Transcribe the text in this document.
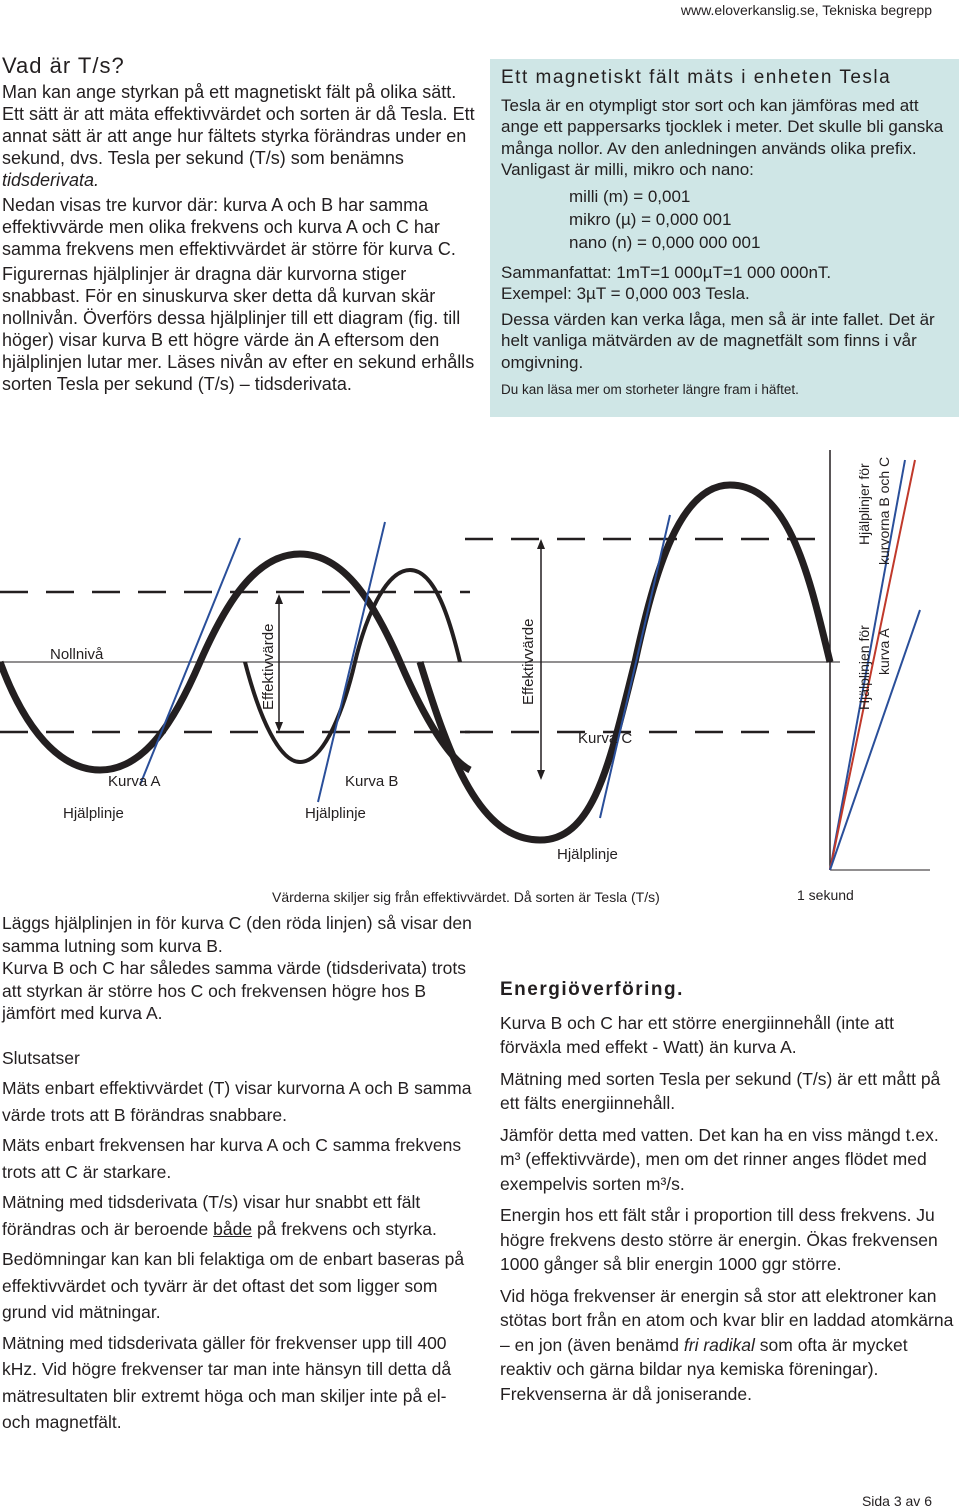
www.eloverkanslig.se, Tekniska begrepp
Vad är T/s?

Man kan ange styrkan på ett magnetiskt fält på olika sätt. Ett sätt är att mäta effektivvärdet och sorten är då Tesla. Ett annat sätt är att ange hur fältets styrka förändras under en sekund, dvs. Tesla per sekund (T/s) som benämns tidsderivata.

Nedan visas tre kurvor där: kurva A och B har samma effektivvärde men olika frekvens och kurva A och C har samma frekvens men effektivvärdet är större för kurva C.

Figurernas hjälplinjer är dragna där kurvorna stiger snabbast. För en sinuskurva sker detta då kurvan skär nollnivån. Överförs dessa hjälplinjer till ett diagram (fig. till höger) visar kurva B ett högre värde än A eftersom den hjälplinjen lutar mer. Läses nivån av efter en sekund erhålls sorten Tesla per sekund (T/s) – tidsderivata.

Ett magnetiskt fält mäts i enheten Tesla

Tesla är en otympligt stor sort och kan jämföras med att ange ett pappersarks tjocklek i meter. Det skulle bli ganska många nollor. Av den anledningen används olika prefix. Vanligast är milli, mikro och nano:

milli (m) = 0,001
mikro (µ) = 0,000 001
nano (n) = 0,000 000 001

Sammanfattat: 1mT=1 000µT=1 000 000nT.

Exempel: 3µT = 0,000 003 Tesla.

Dessa värden kan verka låga, men så är inte fallet. Det är helt vanliga mätvärden av de magnetfält som finns i vår omgivning.

Du kan läsa mer om storheter längre fram i häftet.
Nollnivå	Effektivvärde	Effektivvärde
Kurva A	Kurva B
Kurva C
Hjälplinje	Hjälplinje
Hjälplinje
Hjälplinjer för kurvorna B och C
Hjälplinjen för kurva A
Värderna skiljer sig från effektivvärdet. Då sorten är Tesla (T/s)	1 sekund

Läggs hjälplinjen in för kurva C (den röda linjen) så visar den samma lutning som kurva B.

Kurva B och C har således samma värde (tidsderivata) trots att styrkan är större hos C och frekvensen högre hos B jämfört med kurva A.

Slutsatser

Mäts enbart effektivvärdet (T) visar kurvorna A och B samma värde trots att B förändras snabbare.

Mäts enbart frekvensen har kurva A och C samma frekvens trots att C är starkare.

Mätning med tidsderivata (T/s) visar hur snabbt ett fält förändras och är beroende både på frekvens och styrka.

Bedömningar kan kan bli felaktiga om de enbart baseras på effektivvärdet och tyvärr är det oftast det som ligger som grund vid mätningar.

Mätning med tidsderivata gäller för frekvenser upp till 400 kHz. Vid högre frekvenser tar man inte hänsyn till detta då mätresultaten blir extremt höga och man skiljer inte på el- och magnetfält.

Energiöverföring.

Kurva B och C har ett större energiinnehåll (inte att förväxla med effekt - Watt) än kurva A.

Mätning med sorten Tesla per sekund (T/s) är ett mått på ett fälts energiinnehåll.

Jämför detta med vatten. Det kan ha en viss mängd t.ex. m³ (effektivvärde), men om det rinner anges flödet med exempelvis sorten m³/s.

Energin hos ett fält står i proportion till dess frekvens. Ju högre frekvens desto större är energin. Ökas frekvensen 1000 gånger så blir energin 1000 ggr större.

Vid höga frekvenser är energin så stor att elektroner kan stötas bort från en atom och kvar blir en laddad atomkärna – en jon (även benämd fri radikal som ofta är mycket reaktiv och gärna bildar nya kemiska föreningar). Frekvenserna är då joniserande.

Sida 3 av 6
